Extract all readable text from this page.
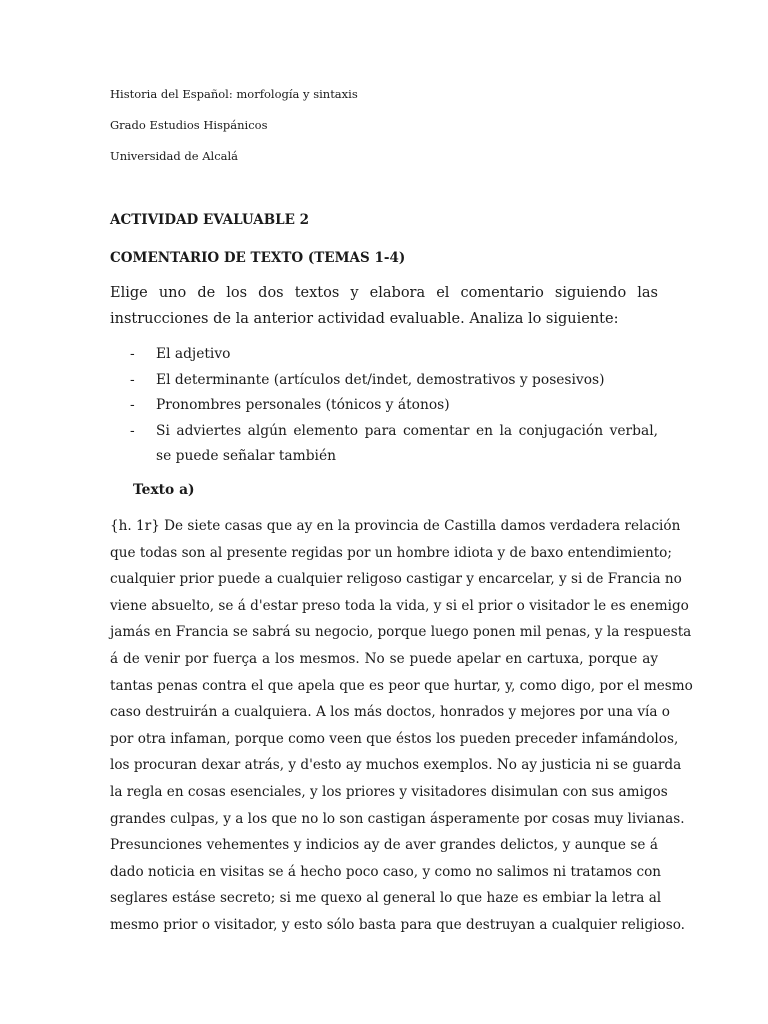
Historia del Español: morfología y sintaxis
Grado Estudios Hispánicos
Universidad de Alcalá
ACTIVIDAD EVALUABLE 2
COMENTARIO DE TEXTO (TEMAS 1-4)

Elige uno de los dos textos y elabora el comentario siguiendo las instrucciones de la anterior actividad evaluable. Analiza lo siguiente:

- El adjetivo
- El determinante (artículos det/indet, demostrativos y posesivos)
- Pronombres personales (tónicos y átonos)
- Si adviertes algún elemento para comentar en la conjugación verbal, se puede señalar también
Texto a)
{h. 1r} De siete casas que ay en la provincia de Castilla damos verdadera relación
que todas son al presente regidas por un hombre idiota y de baxo entendimiento;
cualquier prior puede a cualquier religoso castigar y encarcelar, y si de Francia no
viene absuelto, se á d'estar preso toda la vida, y si el prior o visitador le es enemigo
jamás en Francia se sabrá su negocio, porque luego ponen mil penas, y la respuesta
á de venir por fuerça a los mesmos. No se puede apelar en cartuxa, porque ay
tantas penas contra el que apela que es peor que hurtar, y, como digo, por el mesmo
caso destruirán a cualquiera. A los más doctos, honrados y mejores por una vía o
por otra infaman, porque como veen que éstos los pueden preceder infamándolos,
los procuran dexar atrás, y d'esto ay muchos exemplos. No ay justicia ni se guarda
la regla en cosas esenciales, y los priores y visitadores disimulan con sus amigos
grandes culpas, y a los que no lo son castigan ásperamente por cosas muy livianas.
Presunciones vehementes y indicios ay de aver grandes delictos, y aunque se á
dado noticia en visitas se á hecho poco caso, y como no salimos ni tratamos con
seglares estáse secreto; si me quexo al general lo que haze es embiar la letra al
mesmo prior o visitador, y esto sólo basta para que destruyan a cualquier religioso.
